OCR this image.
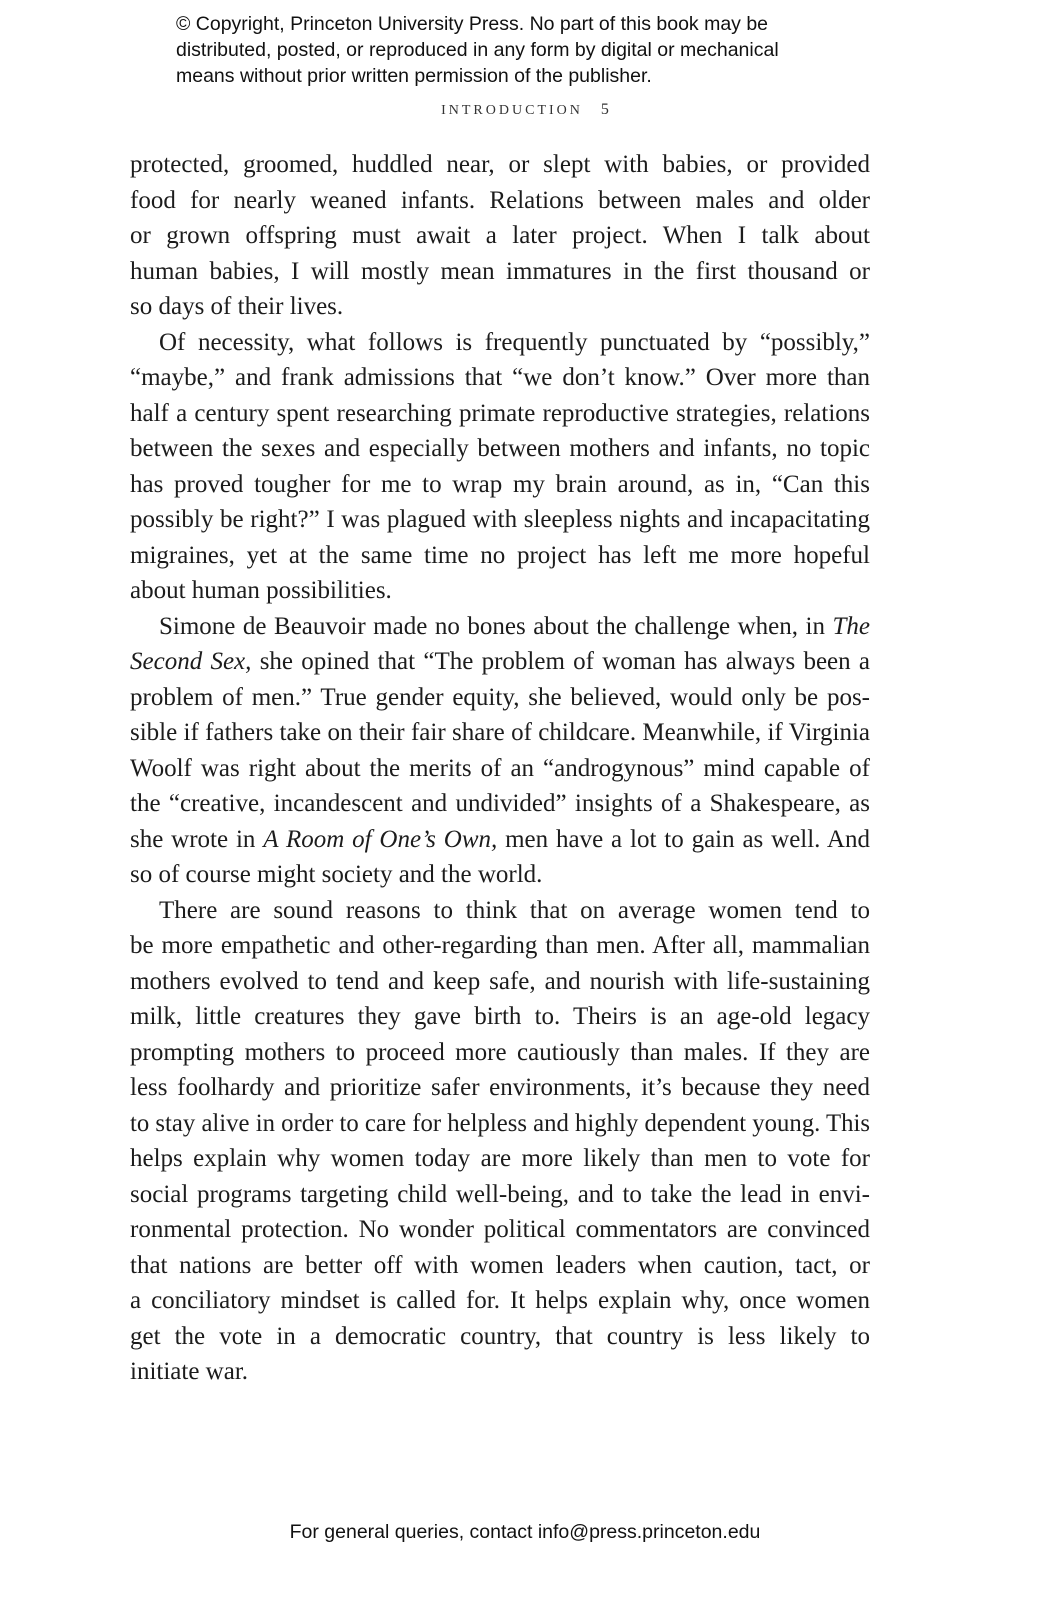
© Copyright, Princeton University Press. No part of this book may be
distributed, posted, or reproduced in any form by digital or mechanical
means without prior written permission of the publisher.
INTRODUCTION 5
protected, groomed, huddled near, or slept with babies, or provided
food for nearly weaned infants. Relations between males and older
or grown offspring must await a later project. When I talk about
human babies, I will mostly mean immatures in the first thousand or
so days of their lives.
Of necessity, what follows is frequently punctuated by “possibly,”
“maybe,” and frank admissions that “we don’t know.” Over more than
half a century spent researching primate reproductive strategies, relations
between the sexes and especially between mothers and infants, no topic
has proved tougher for me to wrap my brain around, as in, “Can this
possibly be right?” I was plagued with sleepless nights and incapacitating
migraines, yet at the same time no project has left me more hopeful
about human possibilities.
Simone de Beauvoir made no bones about the challenge when, in The
Second Sex, she opined that “The problem of woman has always been a
problem of men.” True gender equity, she believed, would only be pos-
sible if fathers take on their fair share of childcare. Meanwhile, if Virginia
Woolf was right about the merits of an “androgynous” mind capable of
the “creative, incandescent and undivided” insights of a Shakespeare, as
she wrote in A Room of One’s Own, men have a lot to gain as well. And
so of course might society and the world.
There are sound reasons to think that on average women tend to
be more empathetic and other-regarding than men. After all, mammalian
mothers evolved to tend and keep safe, and nourish with life-sustaining
milk, little creatures they gave birth to. Theirs is an age-old legacy
prompting mothers to proceed more cautiously than males. If they are
less foolhardy and prioritize safer environments, it’s because they need
to stay alive in order to care for helpless and highly dependent young. This
helps explain why women today are more likely than men to vote for
social programs targeting child well-being, and to take the lead in envi-
ronmental protection. No wonder political commentators are convinced
that nations are better off with women leaders when caution, tact, or
a conciliatory mindset is called for. It helps explain why, once women
get the vote in a democratic country, that country is less likely to
initiate war.
For general queries, contact info@press.princeton.edu
